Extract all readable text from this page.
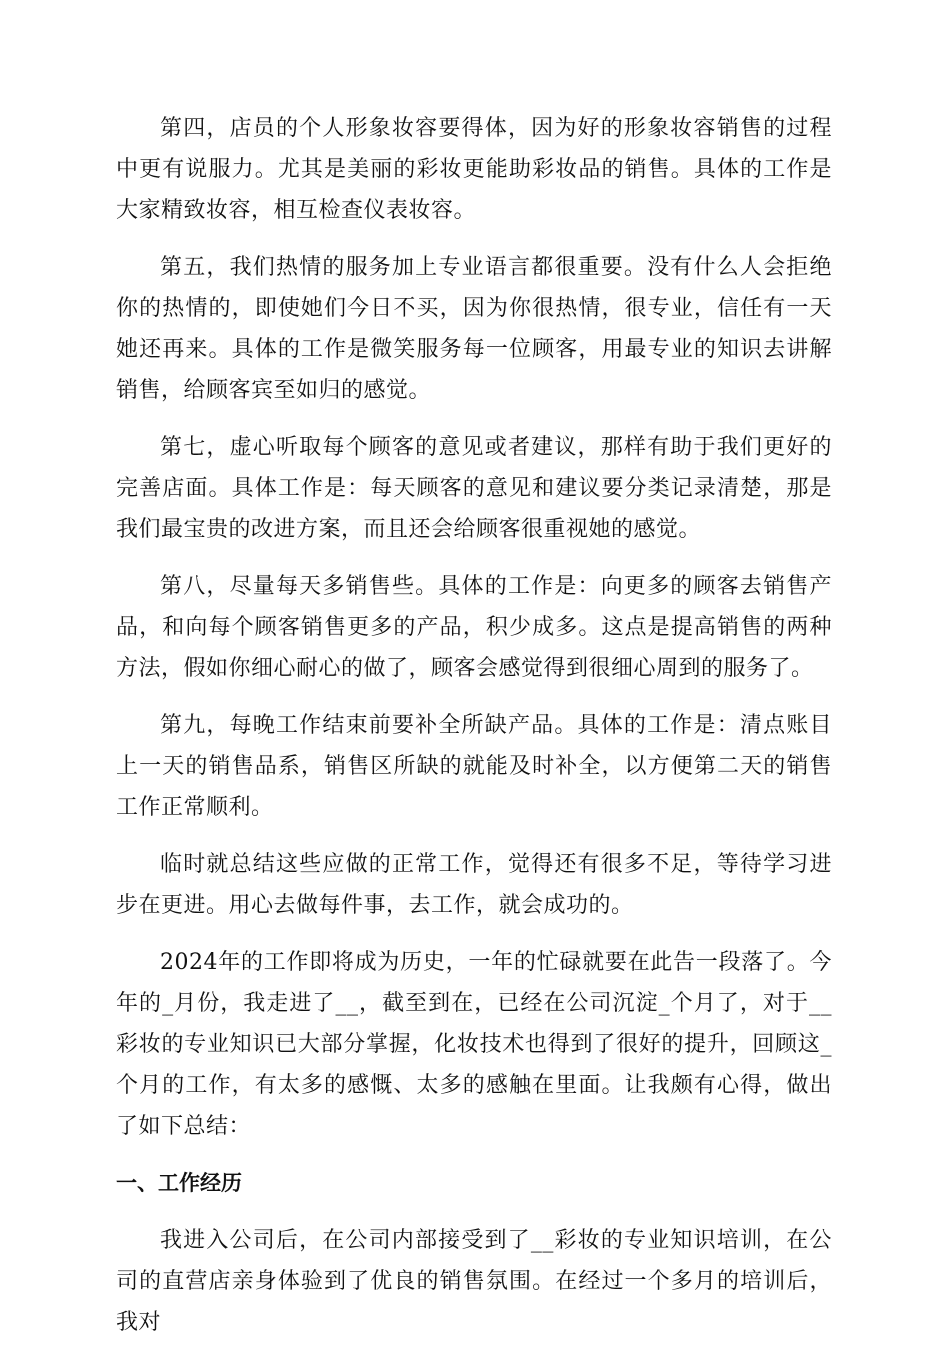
第四，店员的个人形象妆容要得体，因为好的形象妆容销售的过程中更有说服力。尤其是美丽的彩妆更能助彩妆品的销售。具体的工作是大家精致妆容，相互检查仪表妆容。

第五，我们热情的服务加上专业语言都很重要。没有什么人会拒绝你的热情的，即使她们今日不买，因为你很热情，很专业，信任有一天她还再来。具体的工作是微笑服务每一位顾客，用最专业的知识去讲解销售，给顾客宾至如归的感觉。

第七，虚心听取每个顾客的意见或者建议，那样有助于我们更好的完善店面。具体工作是：每天顾客的意见和建议要分类记录清楚，那是我们最宝贵的改进方案，而且还会给顾客很重视她的感觉。

第八，尽量每天多销售些。具体的工作是：向更多的顾客去销售产品，和向每个顾客销售更多的产品，积少成多。这点是提高销售的两种方法，假如你细心耐心的做了，顾客会感觉得到很细心周到的服务了。

第九，每晚工作结束前要补全所缺产品。具体的工作是：清点账目上一天的销售品系，销售区所缺的就能及时补全，以方便第二天的销售工作正常顺利。

临时就总结这些应做的正常工作，觉得还有很多不足，等待学习进步在更进。用心去做每件事，去工作，就会成功的。

2024年的工作即将成为历史，一年的忙碌就要在此告一段落了。今年的_月份，我走进了__，截至到在，已经在公司沉淀_个月了，对于__彩妆的专业知识已大部分掌握，化妆技术也得到了很好的提升，回顾这_个月的工作，有太多的感慨、太多的感触在里面。让我颇有心得，做出了如下总结：

一、工作经历

我进入公司后，在公司内部接受到了__彩妆的专业知识培训，在公司的直营店亲身体验到了优良的销售氛围。在经过一个多月的培训后，我对
